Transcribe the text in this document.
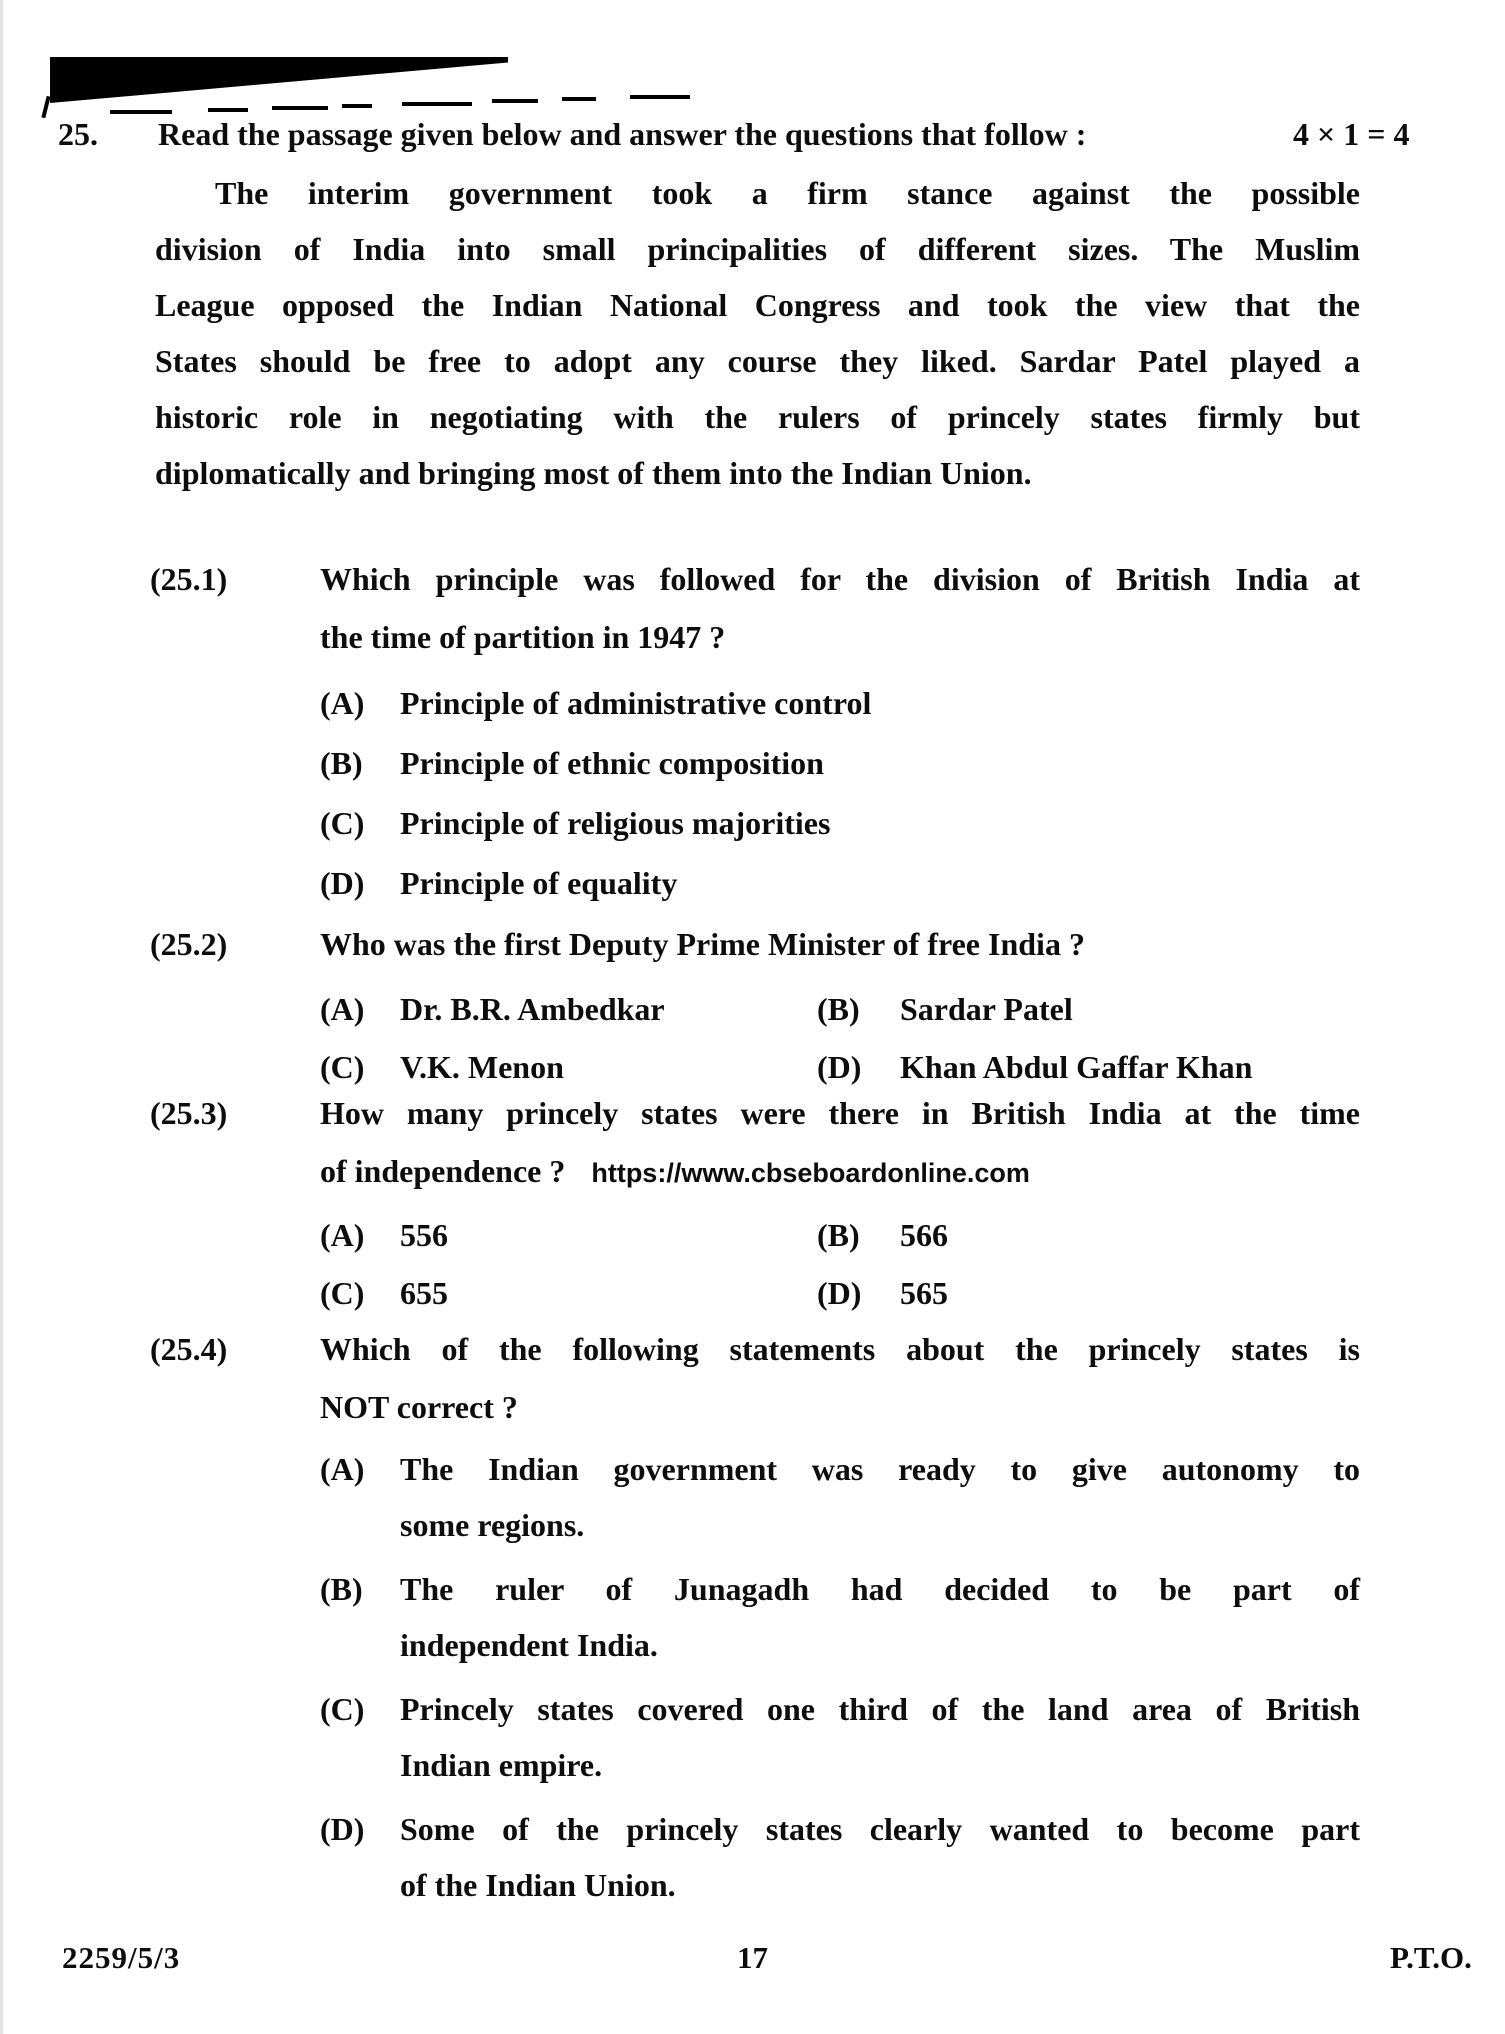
25. Read the passage given below and answer the questions that follow :	4 × 1 = 4
The interim government took a firm stance against the possible
division of India into small principalities of different sizes. The Muslim
League opposed the Indian National Congress and took the view that the
States should be free to adopt any course they liked. Sardar Patel played a
historic role in negotiating with the rulers of princely states firmly but
diplomatically and bringing most of them into the Indian Union.
(25.1)	Which principle was followed for the division of British India at
the time of partition in 1947 ?
(A) Principle of administrative control
(B) Principle of ethnic composition
(C) Principle of religious majorities
(D) Principle of equality
(25.2)	Who was the first Deputy Prime Minister of free India ?
(A) Dr. B.R. Ambedkar	(B) Sardar Patel
(C) V.K. Menon	(D) Khan Abdul Gaffar Khan
(25.3)	How many princely states were there in British India at the time
of independence ? https://www.cbseboardonline.com
(A) 556	(B) 566
(C) 655	(D) 565
(25.4)	Which of the following statements about the princely states is
NOT correct ?
(A) The Indian government was ready to give autonomy to
some regions.
(B) The ruler of Junagadh had decided to be part of
independent India.
(C) Princely states covered one third of the land area of British
Indian empire.
(D) Some of the princely states clearly wanted to become part
of the Indian Union.
2259/5/3	17	P.T.O.
